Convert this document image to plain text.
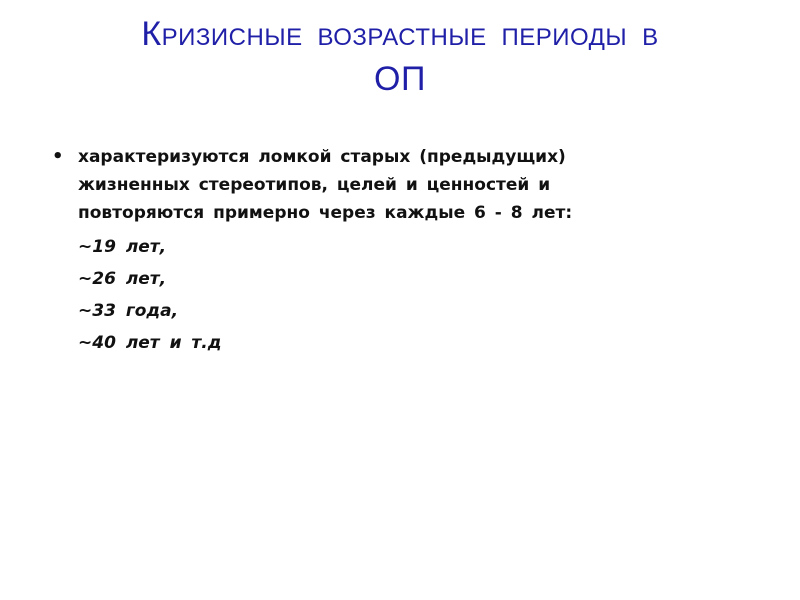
Кризисные возрастные периоды в
ОП
• характеризуются ломкой старых (предыдущих)
жизненных стереотипов, целей и ценностей и
повторяются примерно через каждые 6 - 8 лет:
~19 лет,
~26 лет,
~33 года,
~40 лет и т.д
